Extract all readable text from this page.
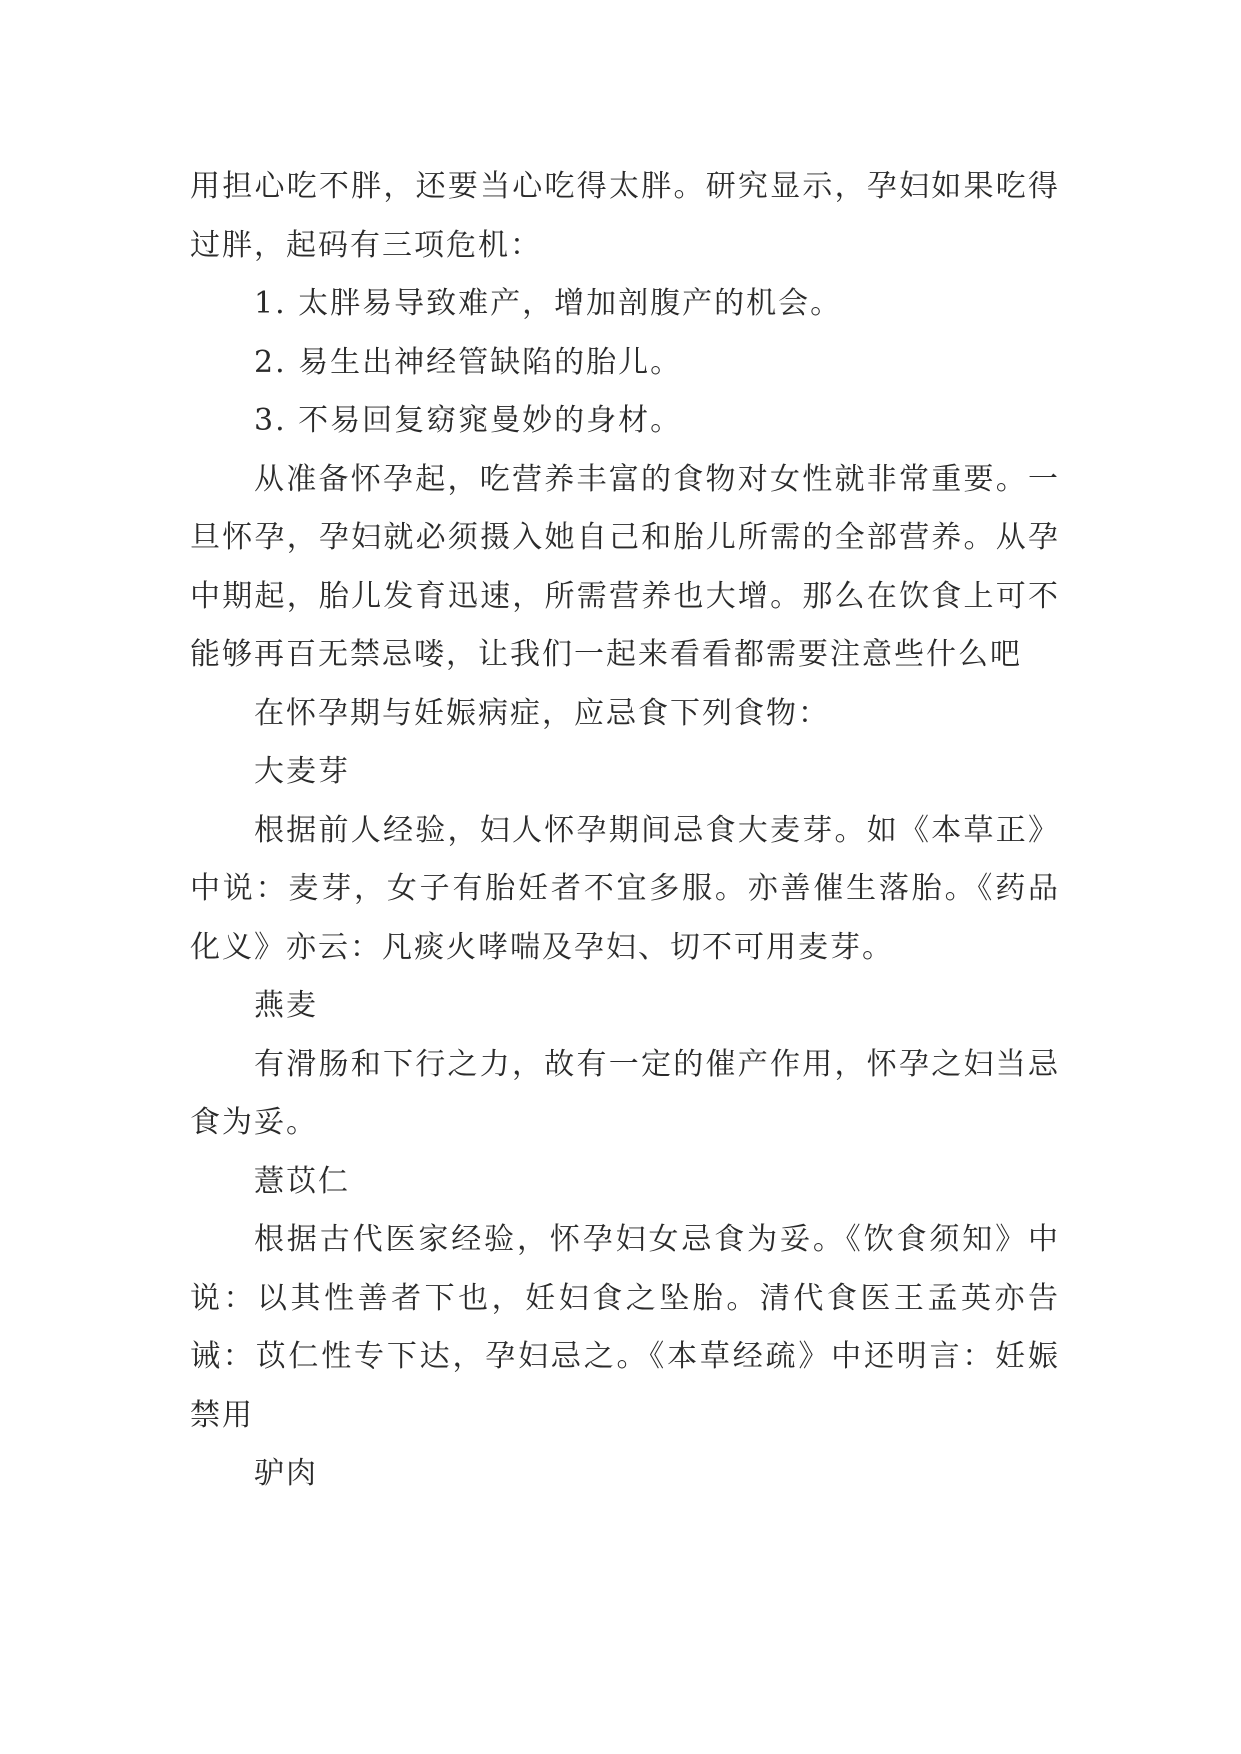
用担心吃不胖，还要当心吃得太胖。研究显示，孕妇如果吃得过胖，起码有三项危机：

1. 太胖易导致难产，增加剖腹产的机会。

2. 易生出神经管缺陷的胎儿。

3. 不易回复窈窕曼妙的身材。

从准备怀孕起，吃营养丰富的食物对女性就非常重要。一旦怀孕，孕妇就必须摄入她自己和胎儿所需的全部营养。从孕中期起，胎儿发育迅速，所需营养也大增。那么在饮食上可不能够再百无禁忌喽，让我们一起来看看都需要注意些什么吧

在怀孕期与妊娠病症，应忌食下列食物：

大麦芽

根据前人经验，妇人怀孕期间忌食大麦芽。如《本草正》中说：麦芽，女子有胎妊者不宜多服。亦善催生落胎。《药品化义》亦云：凡痰火哮喘及孕妇、切不可用麦芽。

燕麦

有滑肠和下行之力，故有一定的催产作用，怀孕之妇当忌食为妥。

薏苡仁

根据古代医家经验，怀孕妇女忌食为妥。《饮食须知》中说：以其性善者下也，妊妇食之坠胎。清代食医王孟英亦告诫：苡仁性专下达，孕妇忌之。《本草经疏》中还明言：妊娠禁用

驴肉
